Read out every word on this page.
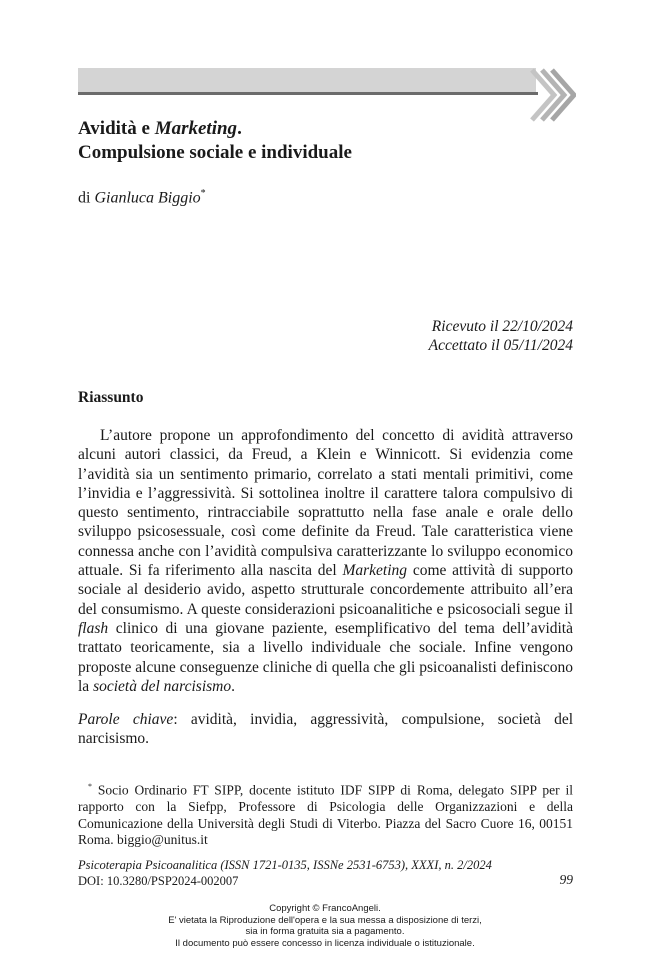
Avidità e Marketing.

Compulsione sociale e individuale

di Gianluca Biggio*
Ricevuto il 22/10/2024
Accettato il 05/11/2024
Riassunto

L’autore propone un approfondimento del concetto di avidità attraverso alcuni autori classici, da Freud, a Klein e Winnicott. Si evidenzia come l’avidità sia un sentimento primario, correlato a stati mentali primitivi, come l’invidia e l’aggressività. Si sottolinea inoltre il carattere talora compulsivo di questo sentimento, rintracciabile soprattutto nella fase anale e orale dello sviluppo psicosessuale, così come definite da Freud. Tale caratteristica viene connessa anche con l’avidità compulsiva caratterizzante lo sviluppo economico attuale. Si fa riferimento alla nascita del Marketing come attività di supporto sociale al desiderio avido, aspetto strutturale concordemente attribuito all’era del consumismo. A queste considerazioni psicoanalitiche e psicosociali segue il flash clinico di una giovane paziente, esemplificativo del tema dell’avidità trattato teoricamente, sia a livello individuale che sociale. Infine vengono proposte alcune conseguenze cliniche di quella che gli psicoanalisti definiscono la società del narcisismo.

Parole chiave: avidità, invidia, aggressività, compulsione, società del narcisismo.

* Socio Ordinario FT SIPP, docente istituto IDF SIPP di Roma, delegato SIPP per il rapporto con la Siefpp, Professore di Psicologia delle Organizzazioni e della Comunicazione della Università degli Studi di Viterbo. Piazza del Sacro Cuore 16, 00151 Roma. biggio@unitus.it

Psicoterapia Psicoanalitica (ISSN 1721-0135, ISSNe 2531-6753), XXXI, n. 2/2024
DOI: 10.3280/PSP2024-002007	99
Copyright © FrancoAngeli.
E' vietata la Riproduzione dell'opera e la sua messa a disposizione di terzi,
sia in forma gratuita sia a pagamento.
Il documento può essere concesso in licenza individuale o istituzionale.
